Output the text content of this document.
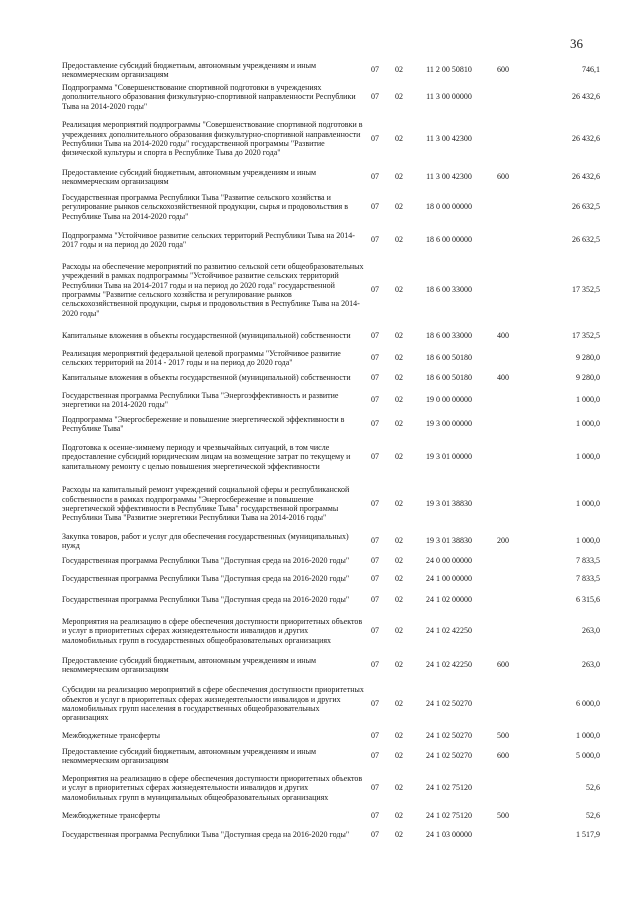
36
Предоставление субсидий бюджетным, автономным учреждениям и иным некоммерческим организациям	07	02	11 2 00 50810	600	746,1
Подпрограмма "Совершенствование спортивной подготовки в учреждениях дополнительного образования физкультурно-спортивной направленности Республики Тыва на 2014-2020 годы"	07	02	11 3 00 00000		26 432,6
Реализация мероприятий подпрограммы "Совершенствование спортивной подготовки в учреждениях дополнительного образования физкультурно-спортивной направленности Республики Тыва на 2014-2020 годы" государственной программы "Развитие физической культуры и спорта в Республике Тыва до 2020 года"	07	02	11 3 00 42300		26 432,6
Предоставление субсидий бюджетным, автономным учреждениям и иным некоммерческим организациям	07	02	11 3 00 42300	600	26 432,6
Государственная программа Республики Тыва "Развитие сельского хозяйства и регулирование рынков сельскохозяйственной продукции, сырья и продовольствия в Республике Тыва на 2014-2020 годы"	07	02	18 0 00 00000		26 632,5
Подпрограмма "Устойчивое развитие сельских территорий Республики Тыва на 2014-2017 годы и на период до 2020 года"	07	02	18 6 00 00000		26 632,5
Расходы на обеспечение мероприятий по развитию сельской сети общеобразовательных учреждений в рамках подпрограммы "Устойчивое развитие сельских территорий Республики Тыва на 2014-2017 годы и на период до 2020 года" государственной программы "Развитие сельского хозяйства и регулирование рынков сельскохозяйственной продукции, сырья и продовольствия в Республике Тыва на 2014-2020 годы"	07	02	18 6 00 33000		17 352,5
Капитальные вложения в объекты государственной (муниципальной) собственности	07	02	18 6 00 33000	400	17 352,5
Реализация мероприятий федеральной целевой программы "Устойчивое развитие сельских территорий на 2014 - 2017 годы и на период до 2020 года"	07	02	18 6 00 50180		9 280,0
Капитальные вложения в объекты государственной (муниципальной) собственности	07	02	18 6 00 50180	400	9 280,0
Государственная программа Республики Тыва "Энергоэффективность и развитие энергетики на 2014-2020 годы"	07	02	19 0 00 00000		1 000,0
Подпрограмма "Энергосбережение и повышение энергетической эффективности в Республике Тыва"	07	02	19 3 00 00000		1 000,0
Подготовка к осенне-зимнему периоду и чрезвычайных ситуаций, в том числе предоставление субсидий юридическим лицам на возмещение затрат по текущему и капитальному ремонту с целью повышения энергетической эффективности	07	02	19 3 01 00000		1 000,0
Расходы на капитальный ремонт учреждений социальной сферы и республиканской собственности в рамках подпрограммы "Энергосбережение и повышение энергетической эффективности в Республике Тыва" государственной программы Республики Тыва "Развитие энергетики Республики Тыва на 2014-2016 годы"	07	02	19 3 01 38830		1 000,0
Закупка товаров, работ и услуг для обеспечения государственных (муниципальных) нужд	07	02	19 3 01 38830	200	1 000,0
Государственная программа Республики Тыва "Доступная среда на 2016-2020 годы"	07	02	24 0 00 00000		7 833,5
Государственная программа Республики Тыва "Доступная среда на 2016-2020 годы"	07	02	24 1 00 00000		7 833,5
Государственная программа Республики Тыва "Доступная среда на 2016-2020 годы"	07	02	24 1 02 00000		6 315,6
Мероприятия на реализацию в сфере обеспечения доступности приоритетных объектов и услуг в приоритетных сферах жизнедеятельности инвалидов и других маломобильных групп в государственных общеобразовательных организациях	07	02	24 1 02 42250		263,0
Предоставление субсидий бюджетным, автономным учреждениям и иным некоммерческим организациям	07	02	24 1 02 42250	600	263,0
Субсидии на реализацию мероприятий в сфере обеспечения доступности приоритетных объектов и услуг в приоритетных сферах жизнедеятельности инвалидов и других маломобильных групп населения в государственных общеобразовательных организациях	07	02	24 1 02 50270		6 000,0
Межбюджетные трансферты	07	02	24 1 02 50270	500	1 000,0
Предоставление субсидий бюджетным, автономным учреждениям и иным некоммерческим организациям	07	02	24 1 02 50270	600	5 000,0
Мероприятия на реализацию в сфере обеспечения доступности приоритетных объектов и услуг в приоритетных сферах жизнедеятельности инвалидов и других маломобильных групп в муниципальных общеобразовательных организациях	07	02	24 1 02 75120		52,6
Межбюджетные трансферты	07	02	24 1 02 75120	500	52,6
Государственная программа Республики Тыва "Доступная среда на 2016-2020 годы"	07	02	24 1 03 00000		1 517,9
